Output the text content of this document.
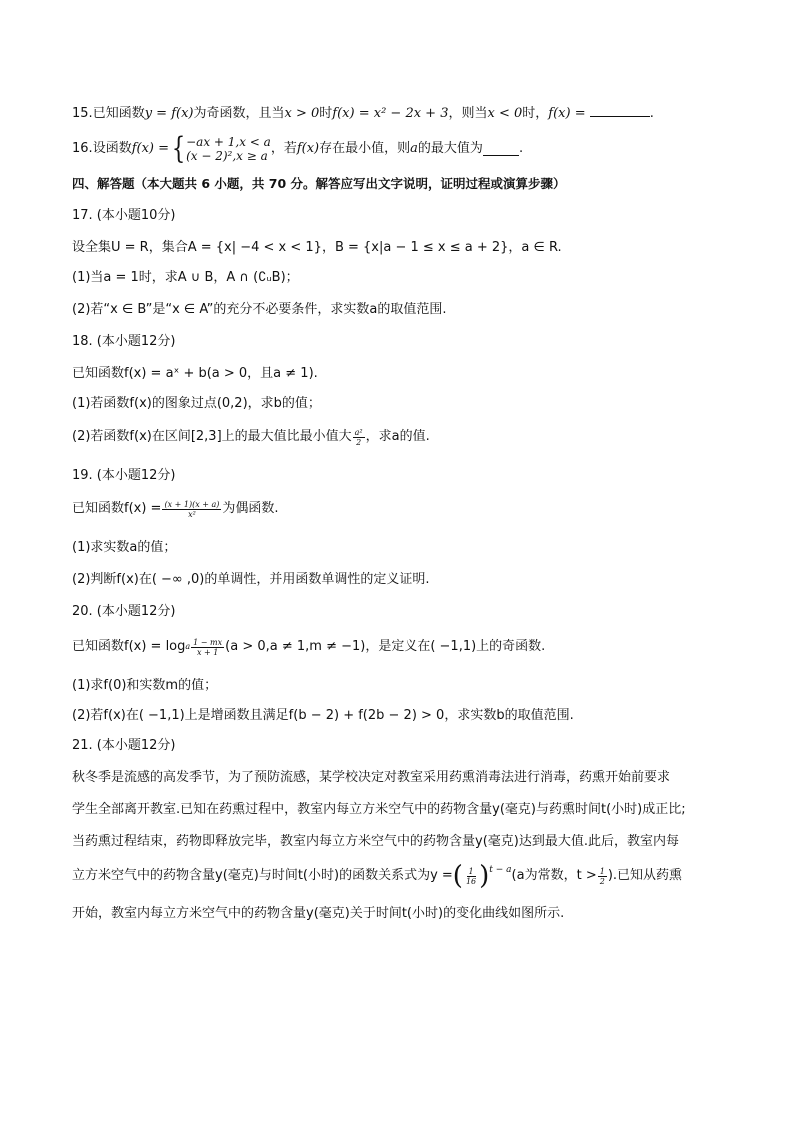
15.已知函数y = f(x)为奇函数，且当x > 0时f(x) = x² − 2x + 3，则当x < 0时，f(x) =	.
16. 设函数 f(x) = { −ax + 1,x < a
(x − 2)²,x ≥ a ，若 f(x) 存在最小值，则 a 的最大值为	.
四、解答题（本大题共 6 小题，共 70 分。解答应写出文字说明，证明过程或演算步骤）
17. (本小题10分)
设全集U = R，集合A = {x| −4 < x < 1}，B = {x|a − 1 ≤ x ≤ a + 2}，a ∈ R.
(1)当a = 1时，求A ∪ B，A ∩ (∁ᵤB)；
(2)若“x ∈ B”是“x ∈ A”的充分不必要条件，求实数a的取值范围.
18. (本小题12分)
已知函数f(x) = aˣ + b(a > 0，且a ≠ 1).
(1)若函数f(x)的图象过点(0,2)，求b的值；
(2)若函数f(x)在区间[2,3]上的最大值比最小值大 $\frac{\text{a²}}{2}$ ，求a的值.
19. (本小题12分)
已知函数$f(x) = \frac{(x + 1)(x + a)}{\text{x²}}$ 为偶函数.
(1)求实数a的值；
(2)判断f(x)在( −∞ ,0)的单调性，并用函数单调性的定义证明.
20. (本小题12分)
已知函数f(x) = log a $\frac{1 - mx}{x + 1} (a > 0,a \ne 1,m \ne -1)$，是定义在( −1,1)上的奇函数.
(1)求f(0)和实数m的值；
(2)若f(x)在( −1,1)上是增函数且满足f(b − 2) + f(2b − 2) > 0，求实数b的取值范围.
21. (本小题12分)
秋冬季是流感的高发季节，为了预防流感，某学校决定对教室采用药熏消毒法进行消毒，药熏开始前要求
学生全部离开教室.已知在药熏过程中，教室内每立方米空气中的药物含量y(毫克)与药熏时间t(小时)成正比;
当药熏过程结束，药物即释放完毕，教室内每立方米空气中的药物含量y(毫克)达到最大值.此后，教室内每
立方米空气中的药物含量y(毫克)与时间t(小时)的函数关系式为y = ( $\frac{1}{16}$ ) t − a (a为常数，$t > \frac{1}{2}$ ).已知从药熏
开始，教室内每立方米空气中的药物含量y(毫克)关于时间t(小时)的变化曲线如图所示.
